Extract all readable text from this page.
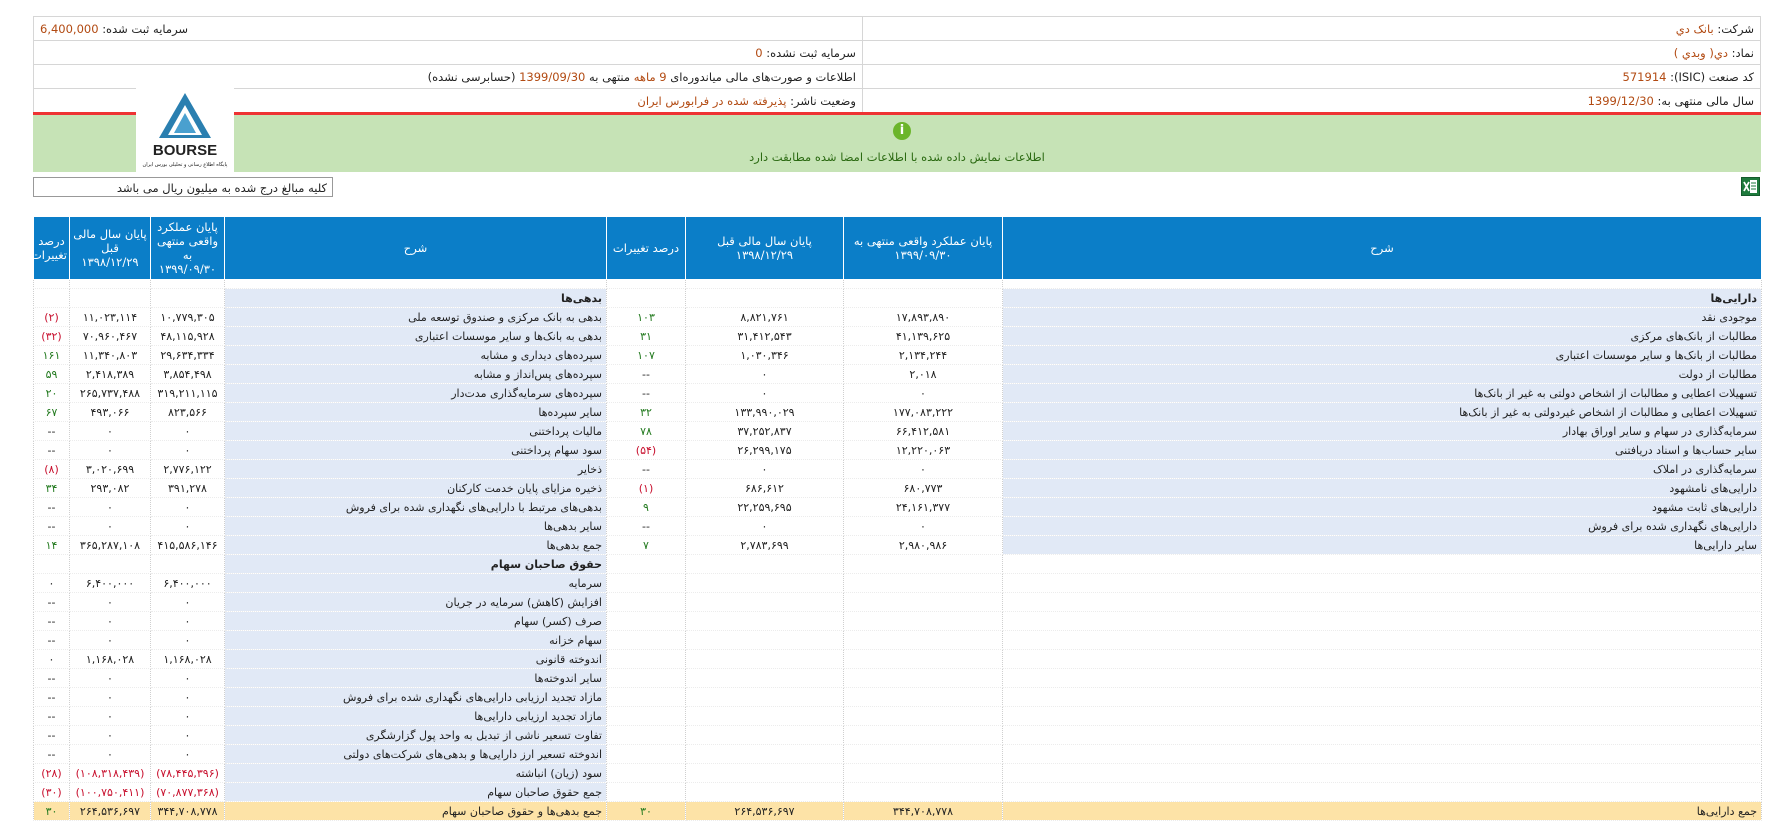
سرمایه ثبت شده: 6,400,000	شرکت: بانک دي
سرمایه ثبت نشده: 0	نماد: دي( وبدي )
اطلاعات و صورت‌های مالی میاندوره‌ای 9 ماهه منتهی به 1399/09/30 (حسابرسی نشده)	کد صنعت (ISIC): 571914
وضعیت ناشر: پذیرفته شده در فرابورس ایران	سال مالی منتهی به: 1399/12/30
i
اطلاعات نمایش داده شده با اطلاعات امضا شده مطابقت دارد
BOURSE
پایگاه اطلاع رسانی و تحلیلی بورس ایران
کلیه مبالغ درج شده به میلیون ریال می باشد
درصد تغییرات	پایان سال مالی قبل ۱۳۹۸/۱۲/۲۹	پایان عملکرد واقعی منتهی به ۱۳۹۹/۰۹/۳۰	شرح	درصد تغییرات	پایان سال مالی قبل ۱۳۹۸/۱۲/۲۹	پایان عملکرد واقعی منتهی به ۱۳۹۹/۰۹/۳۰	شرح

			بدهی‌ها				دارایی‌ها
(۲)	۱۱,۰۲۳,۱۱۴	۱۰,۷۷۹,۳۰۵	بدهی به بانک مرکزی و صندوق توسعه ملی	۱۰۳	۸,۸۲۱,۷۶۱	۱۷,۸۹۳,۸۹۰	موجودی نقد
(۳۲)	۷۰,۹۶۰,۴۶۷	۴۸,۱۱۵,۹۲۸	بدهی به بانک‌ها و سایر موسسات اعتباری	۳۱	۳۱,۴۱۲,۵۴۳	۴۱,۱۳۹,۶۲۵	مطالبات از بانک‌های مرکزی
۱۶۱	۱۱,۳۴۰,۸۰۳	۲۹,۶۳۴,۳۳۴	سپرده‌های دیداری و مشابه	۱۰۷	۱,۰۳۰,۳۴۶	۲,۱۳۴,۲۴۴	مطالبات از بانک‌ها و سایر موسسات اعتباری
۵۹	۲,۴۱۸,۳۸۹	۳,۸۵۴,۴۹۸	سپرده‌های پس‌انداز و مشابه	--	۰	۲,۰۱۸	مطالبات از دولت
۲۰	۲۶۵,۷۳۷,۴۸۸	۳۱۹,۲۱۱,۱۱۵	سپرده‌های سرمایه‌گذاری مدت‌دار	--	۰	۰	تسهیلات اعطایی و مطالبات از اشخاص دولتی به غیر از بانک‌ها
۶۷	۴۹۳,۰۶۶	۸۲۳,۵۶۶	سایر سپرده‌ها	۳۲	۱۳۳,۹۹۰,۰۲۹	۱۷۷,۰۸۳,۲۲۲	تسهیلات اعطایی و مطالبات از اشخاص غیردولتی به غیر از بانک‌ها
--	۰	۰	مالیات پرداختنی	۷۸	۳۷,۲۵۲,۸۳۷	۶۶,۴۱۲,۵۸۱	سرمایه‌گذاری در سهام و سایر اوراق بهادار
--	۰	۰	سود سهام پرداختنی	(۵۴)	۲۶,۲۹۹,۱۷۵	۱۲,۲۲۰,۰۶۳	سایر حساب‌ها و اسناد دریافتنی
(۸)	۳,۰۲۰,۶۹۹	۲,۷۷۶,۱۲۲	ذخایر	--	۰	۰	سرمایه‌گذاری در املاک
۳۴	۲۹۳,۰۸۲	۳۹۱,۲۷۸	ذخیره مزایای پایان خدمت کارکنان	(۱)	۶۸۶,۶۱۲	۶۸۰,۷۷۳	دارایی‌های نامشهود
--	۰	۰	بدهی‌های مرتبط با دارایی‌های نگهداری شده برای فروش	۹	۲۲,۲۵۹,۶۹۵	۲۴,۱۶۱,۳۷۷	دارایی‌های ثابت مشهود
--	۰	۰	سایر بدهی‌ها	--	۰	۰	دارایی‌های نگهداری شده برای فروش
۱۴	۳۶۵,۲۸۷,۱۰۸	۴۱۵,۵۸۶,۱۴۶	جمع بدهی‌ها	۷	۲,۷۸۳,۶۹۹	۲,۹۸۰,۹۸۶	سایر دارایی‌ها
			حقوق صاحبان سهام				
۰	۶,۴۰۰,۰۰۰	۶,۴۰۰,۰۰۰	سرمایه				
--	۰	۰	افزایش (کاهش) سرمایه در جریان				
--	۰	۰	صرف (کسر) سهام				
--	۰	۰	سهام خزانه				
۰	۱,۱۶۸,۰۲۸	۱,۱۶۸,۰۲۸	اندوخته قانونی				
--	۰	۰	سایر اندوخته‌ها				
--	۰	۰	مازاد تجدید ارزیابی دارایی‌های نگهداری شده برای فروش				
--	۰	۰	مازاد تجدید ارزیابی دارایی‌ها				
--	۰	۰	تفاوت تسعیر ناشی از تبدیل به واحد پول گزارشگری				
--	۰	۰	اندوخته تسعیر ارز دارایی‌ها و بدهی‌های شرکت‌های دولتی				
(۲۸)	(۱۰۸,۳۱۸,۴۳۹)	(۷۸,۴۴۵,۳۹۶)	سود (زیان) انباشته				
(۳۰)	(۱۰۰,۷۵۰,۴۱۱)	(۷۰,۸۷۷,۳۶۸)	جمع حقوق صاحبان سهام				
۳۰	۲۶۴,۵۳۶,۶۹۷	۳۴۴,۷۰۸,۷۷۸	جمع بدهی‌ها و حقوق صاحبان سهام	۳۰	۲۶۴,۵۳۶,۶۹۷	۳۴۴,۷۰۸,۷۷۸	جمع دارایی‌ها
